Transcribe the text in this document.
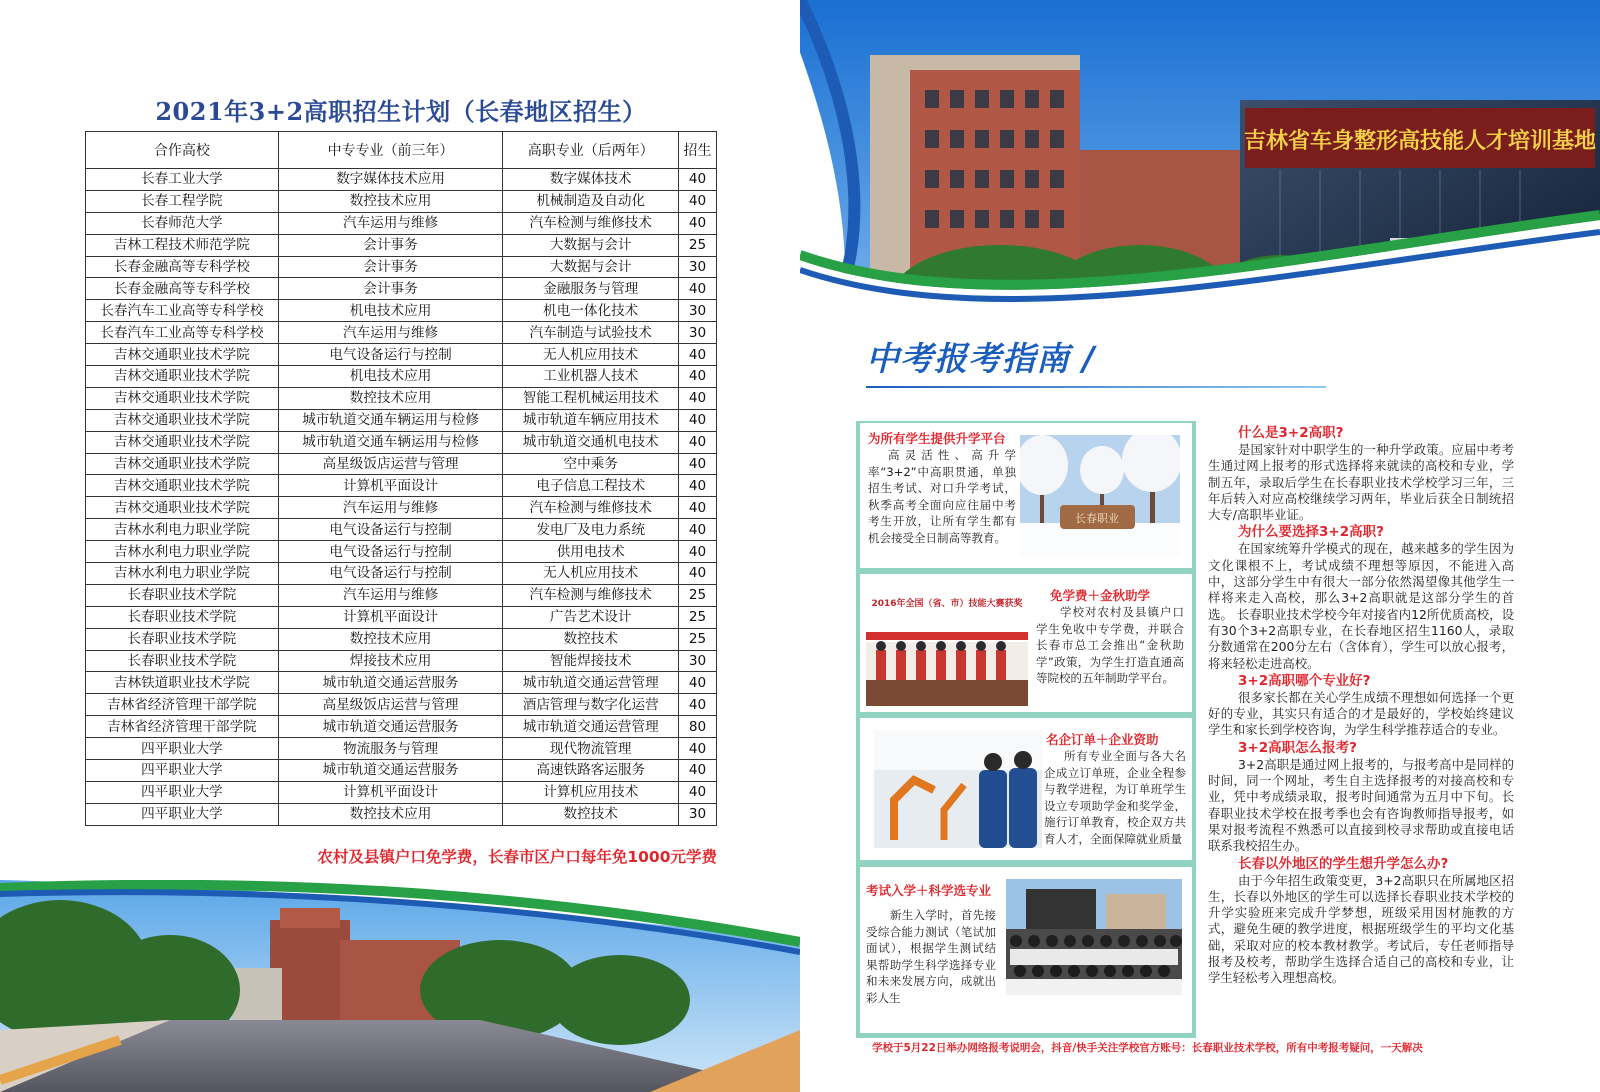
2021年3+2高职招生计划（长春地区招生）
合作高校	中专专业（前三年）	高职专业（后两年）	招生
长春工业大学	数字媒体技术应用	数字媒体技术	40
长春工程学院	数控技术应用	机械制造及自动化	40
长春师范大学	汽车运用与维修	汽车检测与维修技术	40
吉林工程技术师范学院	会计事务	大数据与会计	25
长春金融高等专科学校	会计事务	大数据与会计	30
长春金融高等专科学校	会计事务	金融服务与管理	40
长春汽车工业高等专科学校	机电技术应用	机电一体化技术	30
长春汽车工业高等专科学校	汽车运用与维修	汽车制造与试验技术	30
吉林交通职业技术学院	电气设备运行与控制	无人机应用技术	40
吉林交通职业技术学院	机电技术应用	工业机器人技术	40
吉林交通职业技术学院	数控技术应用	智能工程机械运用技术	40
吉林交通职业技术学院	城市轨道交通车辆运用与检修	城市轨道车辆应用技术	40
吉林交通职业技术学院	城市轨道交通车辆运用与检修	城市轨道交通机电技术	40
吉林交通职业技术学院	高星级饭店运营与管理	空中乘务	40
吉林交通职业技术学院	计算机平面设计	电子信息工程技术	40
吉林交通职业技术学院	汽车运用与维修	汽车检测与维修技术	40
吉林水利电力职业学院	电气设备运行与控制	发电厂及电力系统	40
吉林水利电力职业学院	电气设备运行与控制	供用电技术	40
吉林水利电力职业学院	电气设备运行与控制	无人机应用技术	40
长春职业技术学院	汽车运用与维修	汽车检测与维修技术	25
长春职业技术学院	计算机平面设计	广告艺术设计	25
长春职业技术学院	数控技术应用	数控技术	25
长春职业技术学院	焊接技术应用	智能焊接技术	30
吉林铁道职业技术学院	城市轨道交通运营服务	城市轨道交通运营管理	40
吉林省经济管理干部学院	高星级饭店运营与管理	酒店管理与数字化运营	40
吉林省经济管理干部学院	城市轨道交通运营服务	城市轨道交通运营管理	80
四平职业大学	物流服务与管理	现代物流管理	40
四平职业大学	城市轨道交通运营服务	高速铁路客运服务	40
四平职业大学	计算机平面设计	计算机应用技术	40
四平职业大学	数控技术应用	数控技术	30
农村及县镇户口免学费，长春市区户口每年免1000元学费
吉林省车身整形高技能人才培训基地
中考报考指南 /
为所有学生提供升学平台
高灵活性、高升学率“3+2”中高职贯通，单独招生考试、对口升学考试，秋季高考全面向应往届中考考生开放，让所有学生都有机会接受全日制高等教育。
长春职业
2016年全国（省、市）技能大赛获奖
免学费＋金秋助学
学校对农村及县镇户口学生免收中专学费，并联合长春市总工会推出“金秋助学”政策，为学生打造直通高等院校的五年制助学平台。
名企订单＋企业资助
所有专业全面与各大名企成立订单班，企业全程参与教学进程，为订单班学生设立专项助学金和奖学金，施行订单教育，校企双方共育人才，全面保障就业质量
考试入学＋科学选专业
新生入学时，首先接受综合能力测试（笔试加面试），根据学生测试结果帮助学生科学选择专业和未来发展方向，成就出彩人生
什么是3+2高职?

是国家针对中职学生的一种升学政策。应届中考考生通过网上报考的形式选择将来就读的高校和专业，学制五年，录取后学生在长春职业技术学校学习三年，三年后转入对应高校继续学习两年，毕业后获全日制统招大专/高职毕业证。

为什么要选择3+2高职?

在国家统筹升学模式的现在，越来越多的学生因为文化课根不上，考试成绩不理想等原因，不能进入高中，这部分学生中有很大一部分依然渴望像其他学生一样将来走入高校，那么3+2高职就是这部分学生的首选。 长春职业技术学校今年对接省内12所优质高校，设有30个3+2高职专业，在长春地区招生1160人，录取分数通常在200分左右（含体育），学生可以放心报考，将来轻松走进高校。

3+2高职哪个专业好?

很多家长都在关心学生成绩不理想如何选择一个更好的专业，其实只有适合的才是最好的，学校始终建议学生和家长到学校咨询，为学生科学推荐适合的专业。

3+2高职怎么报考?

3+2高职是通过网上报考的，与报考高中是同样的时间，同一个网址，考生自主选择报考的对接高校和专业，凭中考成绩录取，报考时间通常为五月中下旬。长春职业技术学校在报考季也会有咨询教师指导报考，如果对报考流程不熟悉可以直接到校寻求帮助或直接电话联系我校招生办。

长春以外地区的学生想升学怎么办?

由于今年招生政策变更，3+2高职只在所属地区招生，长春以外地区的学生可以选择长春职业技术学校的升学实验班来完成升学梦想，班级采用因材施教的方式，避免生硬的教学进度，根据班级学生的平均文化基础，采取对应的校本教材教学。考试后，专任老师指导报考及校考，帮助学生选择合适自己的高校和专业，让学生轻松考入理想高校。

学校于5月22日举办网络报考说明会，抖音/快手关注学校官方账号：长春职业技术学校，所有中考报考疑问，一天解决
